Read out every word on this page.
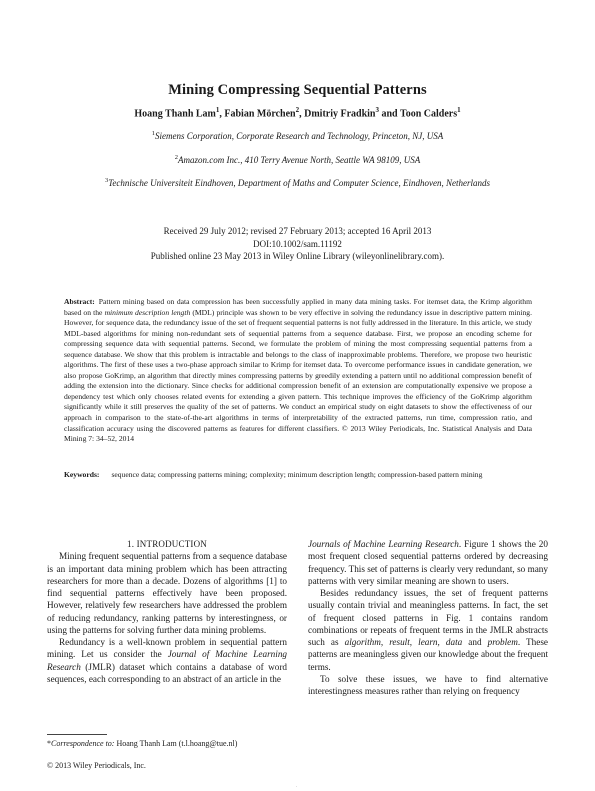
Mining Compressing Sequential Patterns
Hoang Thanh Lam$^1$, Fabian Mörchen$^2$, Dmitriy Fradkin$^3$ and Toon Calders$^1$
$^1$Siemens Corporation, Corporate Research and Technology, Princeton, NJ, USA
$^2$Amazon.com Inc., 410 Terry Avenue North, Seattle WA 98109, USA
$^3$Technische Universiteit Eindhoven, Department of Maths and Computer Science, Eindhoven, Netherlands
Received 29 July 2012; revised 27 February 2013; accepted 16 April 2013
DOI:10.1002/sam.11192
Published online 23 May 2013 in Wiley Online Library (wileyonlinelibrary.com).
Abstract: Pattern mining based on data compression has been successfully applied in many data mining tasks. For itemset data, the Krimp algorithm based on the minimum description length (MDL) principle was shown to be very effective in solving the redundancy issue in descriptive pattern mining. However, for sequence data, the redundancy issue of the set of frequent sequential patterns is not fully addressed in the literature. In this article, we study MDL-based algorithms for mining non-redundant sets of sequential patterns from a sequence database. First, we propose an encoding scheme for compressing sequence data with sequential patterns. Second, we formulate the problem of mining the most compressing sequential patterns from a sequence database. We show that this problem is intractable and belongs to the class of inapproximable problems. Therefore, we propose two heuristic algorithms. The first of these uses a two-phase approach similar to Krimp for itemset data. To overcome performance issues in candidate generation, we also propose GoKrimp, an algorithm that directly mines compressing patterns by greedily extending a pattern until no additional compression benefit of adding the extension into the dictionary. Since checks for additional compression benefit of an extension are computationally expensive we propose a dependency test which only chooses related events for extending a given pattern. This technique improves the efficiency of the GoKrimp algorithm significantly while it still preserves the quality of the set of patterns. We conduct an empirical study on eight datasets to show the effectiveness of our approach in comparison to the state-of-the-art algorithms in terms of interpretability of the extracted patterns, run time, compression ratio, and classification accuracy using the discovered patterns as features for different classifiers. © 2013 Wiley Periodicals, Inc. Statistical Analysis and Data Mining 7: 34–52, 2014
Keywords: sequence data; compressing patterns mining; complexity; minimum description length; compression-based pattern mining

1. INTRODUCTION

Mining frequent sequential patterns from a sequence database is an important data mining problem which has been attracting researchers for more than a decade. Dozens of algorithms [1] to find sequential patterns effectively have been proposed. However, relatively few researchers have addressed the problem of reducing redundancy, ranking patterns by interestingness, or using the patterns for solving further data mining problems.

Redundancy is a well-known problem in sequential pattern mining. Let us consider the Journal of Machine Learning Research (JMLR) dataset which contains a database of word sequences, each corresponding to an abstract of an article in the

Journals of Machine Learning Research. Figure 1 shows the 20 most frequent closed sequential patterns ordered by decreasing frequency. This set of patterns is clearly very redundant, so many patterns with very similar meaning are shown to users.

Besides redundancy issues, the set of frequent patterns usually contain trivial and meaningless patterns. In fact, the set of frequent closed patterns in Fig. 1 contains random combinations or repeats of frequent terms in the JMLR abstracts such as algorithm, result, learn, data and problem. These patterns are meaningless given our knowledge about the frequent terms.

To solve these issues, we have to find alternative interestingness measures rather than relying on frequency

*Correspondence to: Hoang Thanh Lam (t.l.hoang@tue.nl)
© 2013 Wiley Periodicals, Inc.
.
